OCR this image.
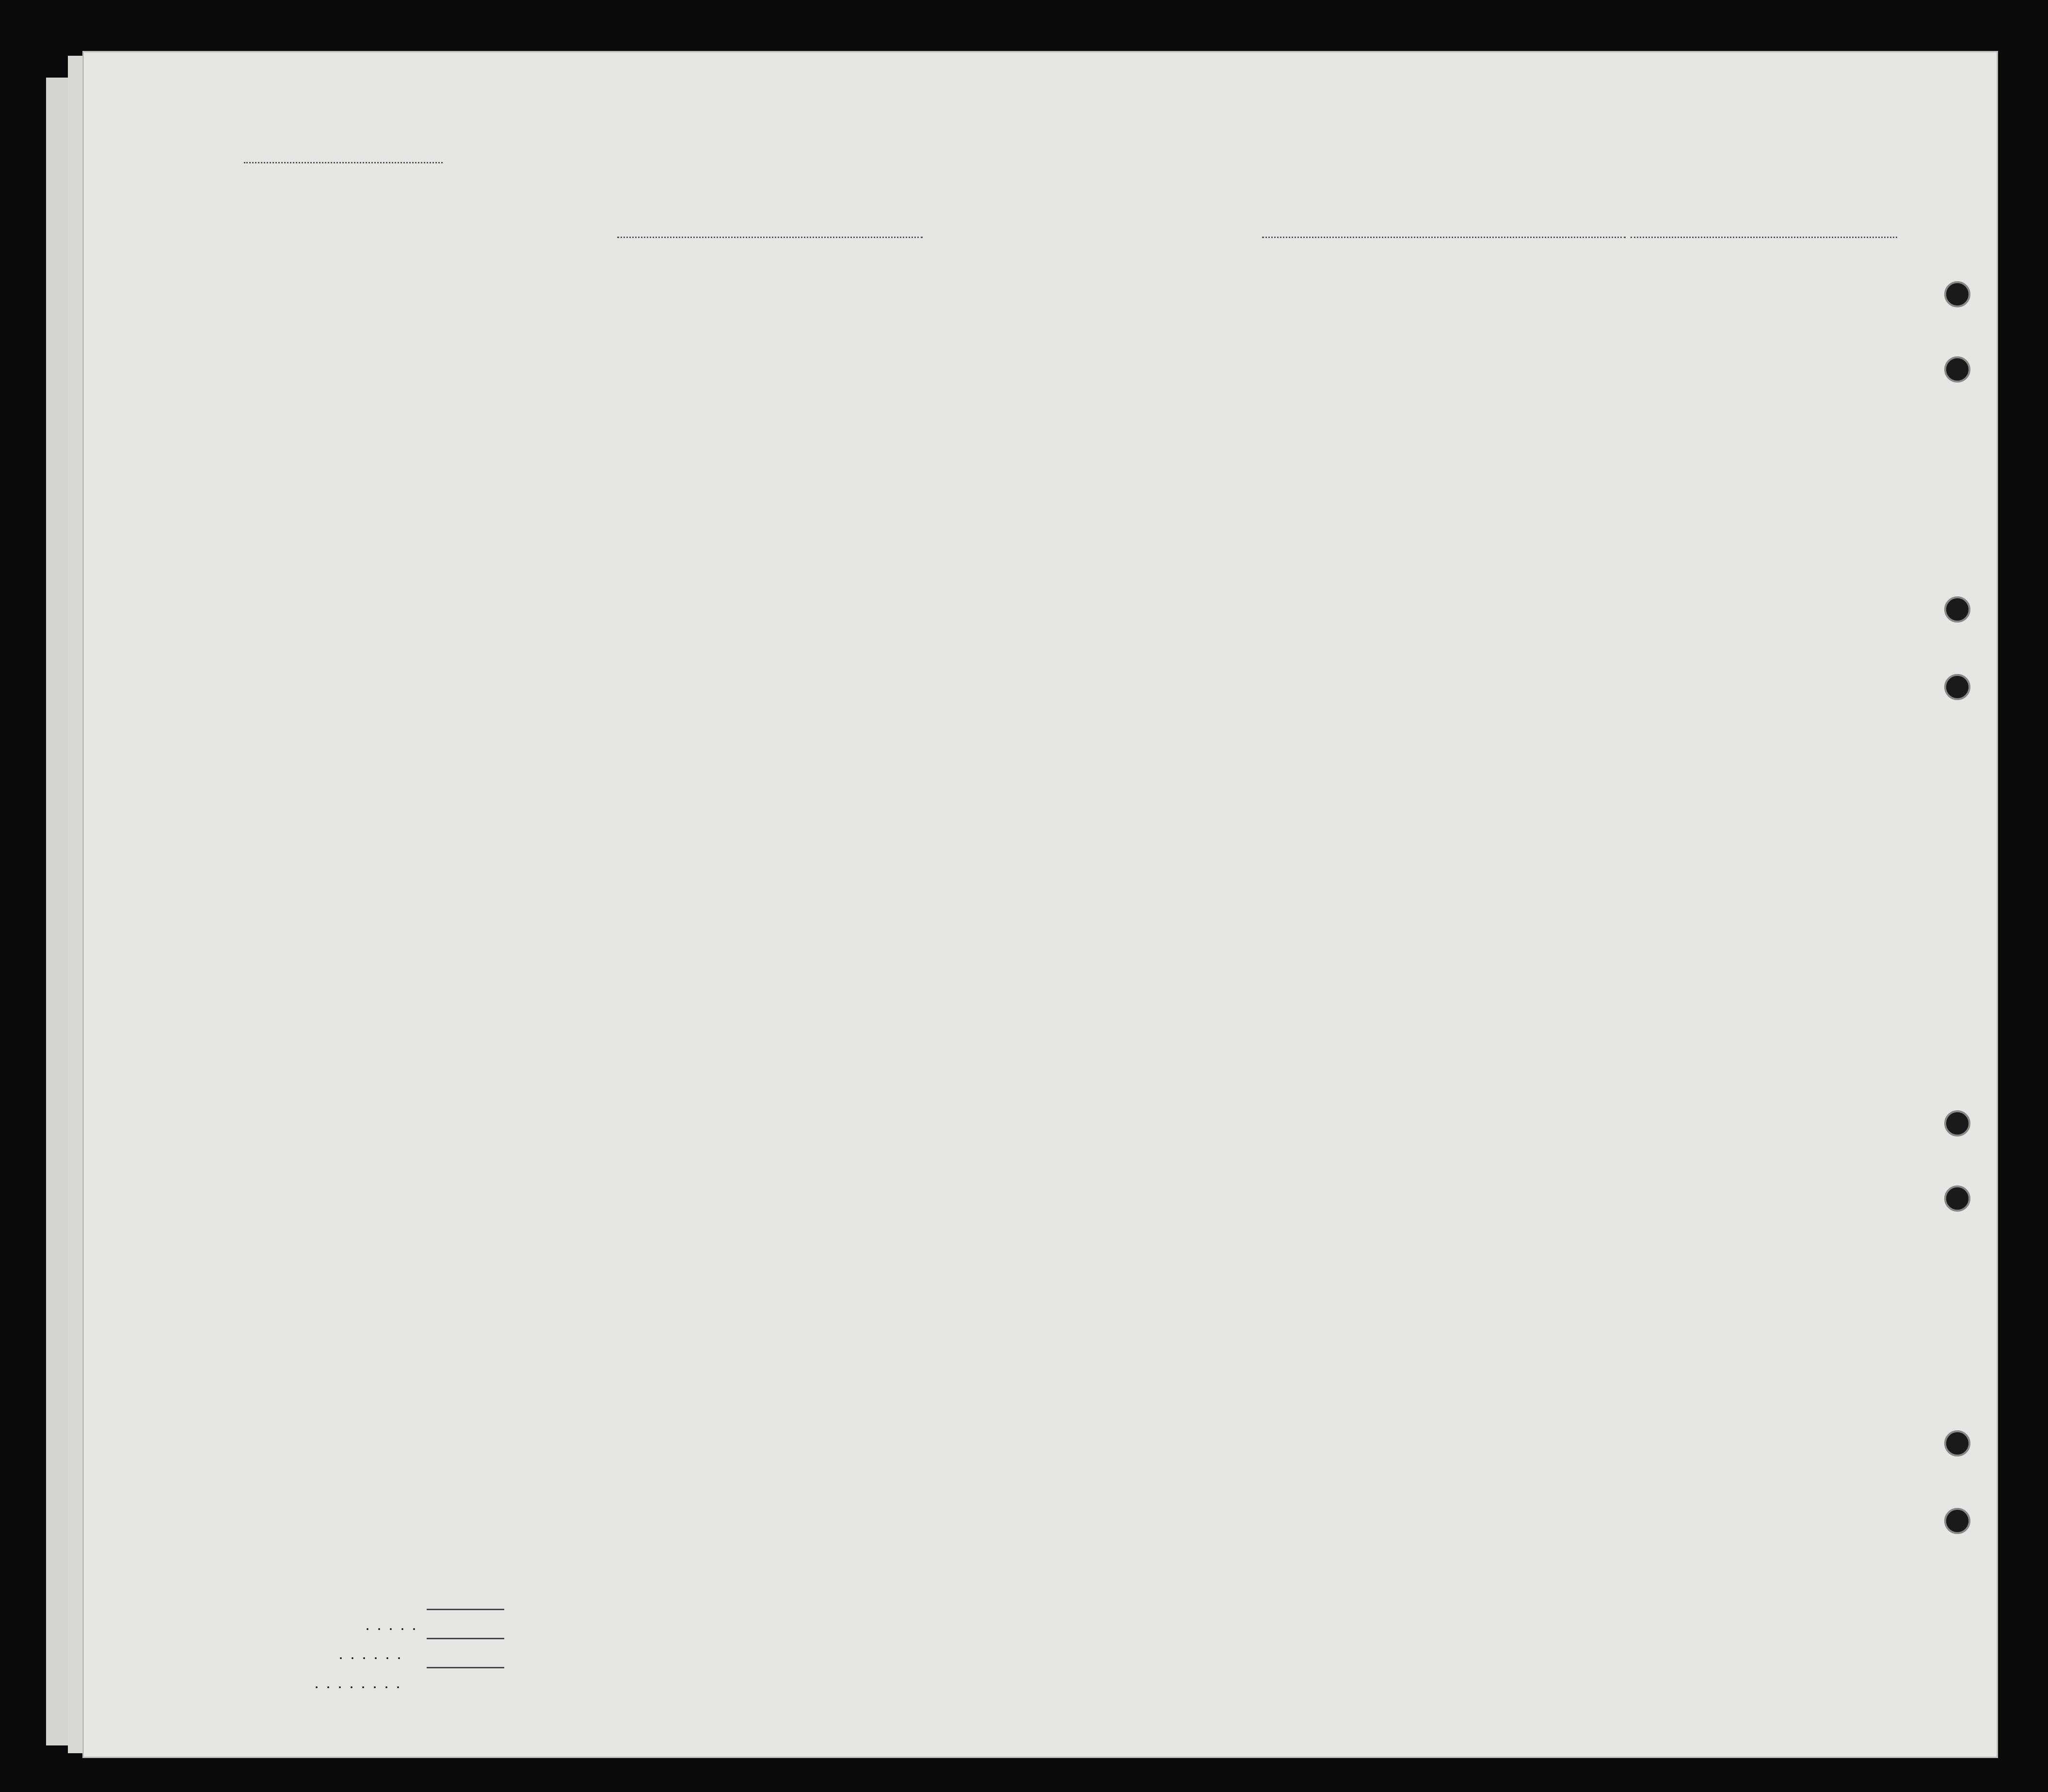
. . . . .
. . . . . .
. . . . . . . .
